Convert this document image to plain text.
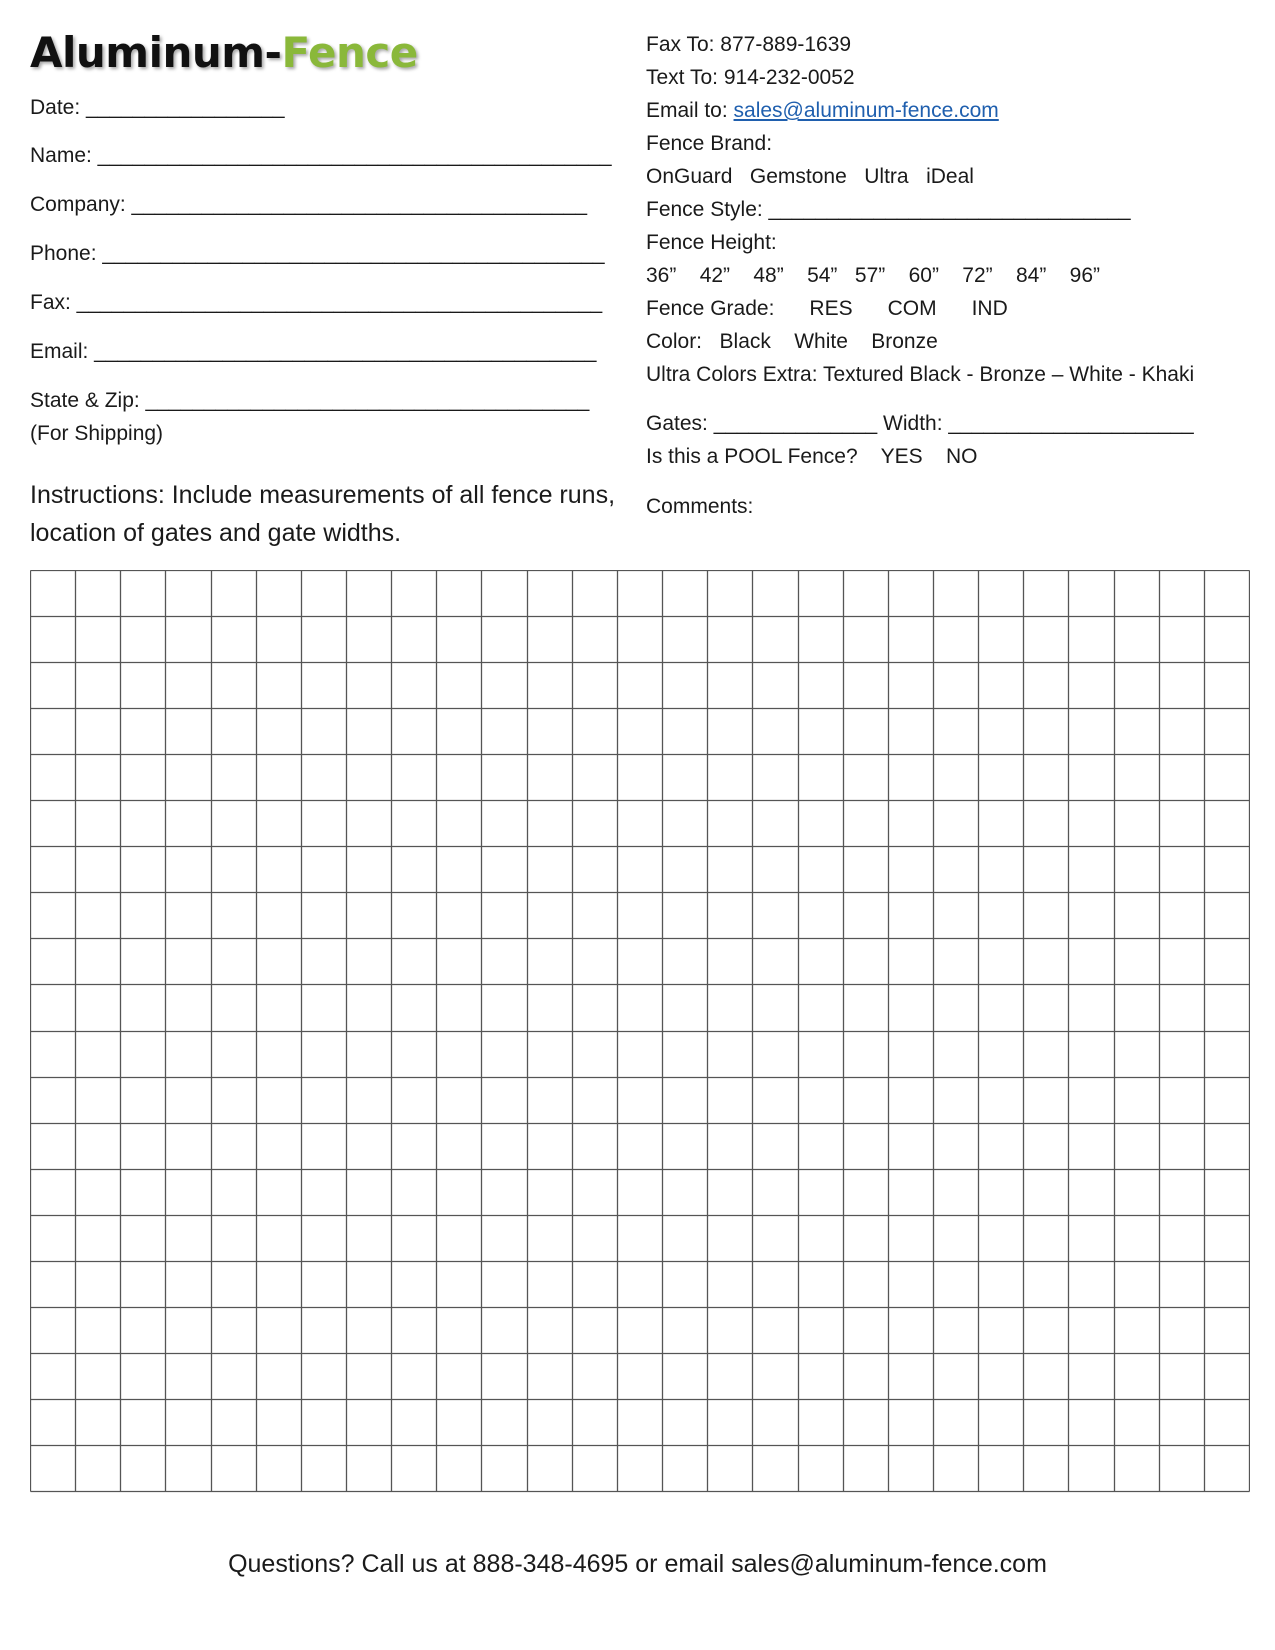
Aluminum-Fence
Date: _________________
Name: ____________________________________________
Company: _______________________________________
Phone: ___________________________________________
Fax: _____________________________________________
Email: ___________________________________________
State & Zip: ______________________________________
(For Shipping)
Instructions: Include measurements of all fence runs, location of gates and gate widths.
Fax To: 877-889-1639
Text To: 914-232-0052
Email to: sales@aluminum-fence.com
Fence Brand:
OnGuard   Gemstone   Ultra   iDeal
Fence Style: _______________________________
Fence Height:
36”    42”    48”    54”   57”    60”    72”    84”    96”
Fence Grade:      RES      COM      IND
Color:   Black    White    Bronze
Ultra Colors Extra: Textured Black - Bronze – White - Khaki
Gates: ______________ Width: _____________________
Is this a POOL Fence?    YES    NO
Comments:
Questions? Call us at 888-348-4695 or email sales@aluminum-fence.com
